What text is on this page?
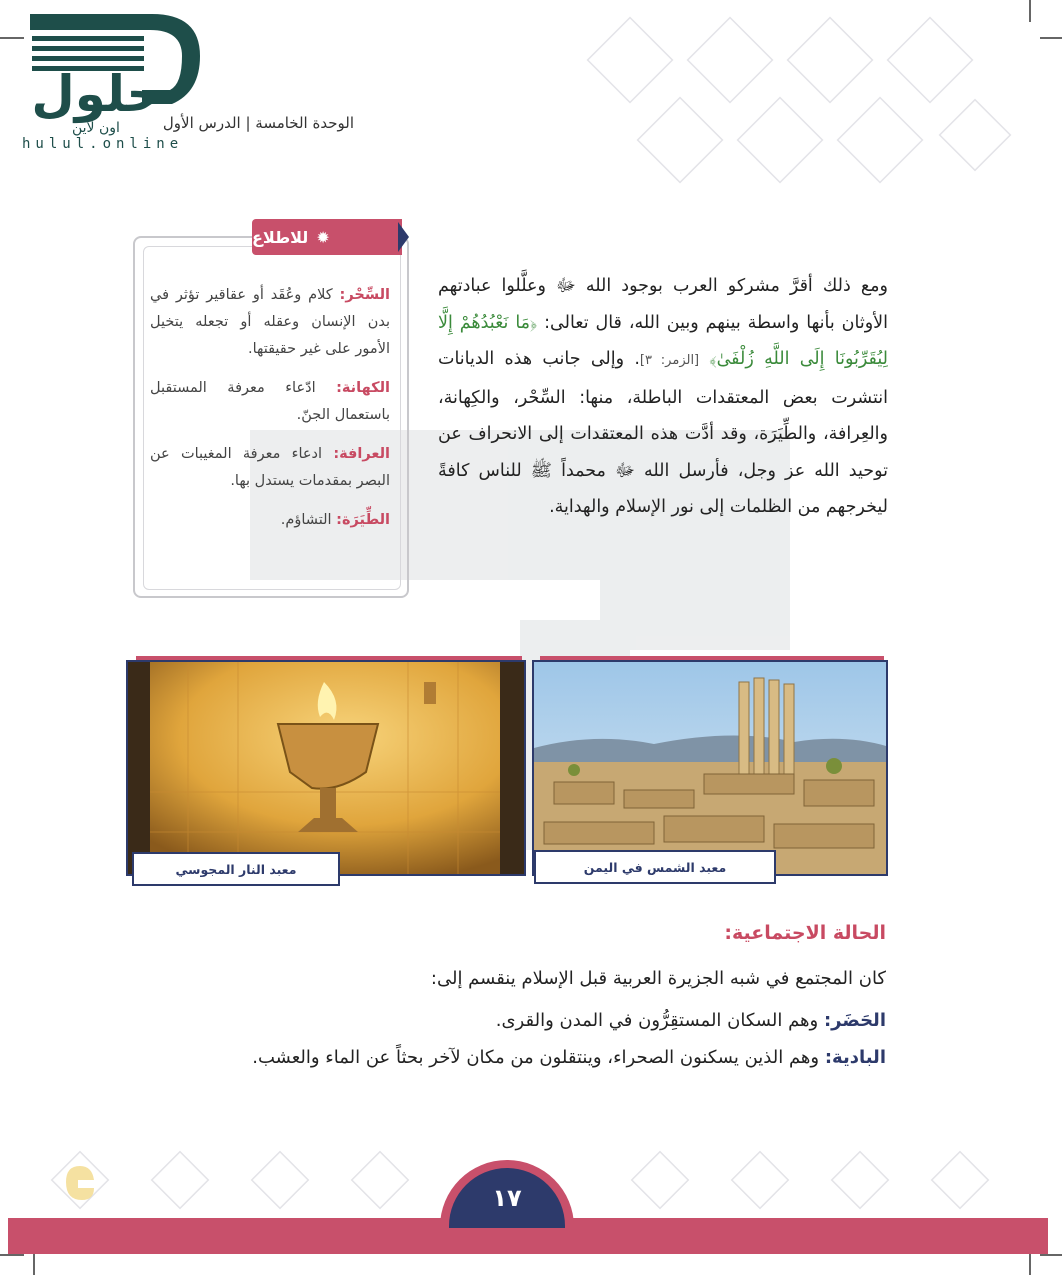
حلول
اون لاين
hulul.online
الوحدة الخامسة | الدرس الأول
✹
للاطلاع

السِّحْر: كلام وعُقَد أو عقاقير تؤثر في بدن الإنسان وعقله أو تجعله يتخيل الأمور على غير حقيقتها.

الكهانة: ادّعاء معرفة المستقبل باستعمال الجنّ.

العرافة: ادعاء معرفة المغيبات عن البصر بمقدمات يستدل بها.

الطِّيَرَة: التشاؤم.

ومع ذلك أقرَّ مشركو العرب بوجود الله ﷻ وعلَّلوا عبادتهم الأوثان بأنها واسطة بينهم وبين الله، قال تعالى: ﴿مَا نَعْبُدُهُمْ إِلَّا لِيُقَرِّبُونَا إِلَى اللَّهِ زُلْفَىٰ﴾ [الزمر: ٣]. وإلى جانب هذه الديانات انتشرت بعض المعتقدات الباطلة، منها: السِّحْر، والكِهانة، والعِرافة، والطِّيَرَة، وقد أدَّت هذه المعتقدات إلى الانحراف عن توحيد الله عز وجل، فأرسل الله ﷻ محمداً ﷺ للناس كافةً ليخرجهم من الظلمات إلى نور الإسلام والهداية.
معبد النار المجوسي	معبد الشمس في اليمن
الحالة الاجتماعية:
كان المجتمع في شبه الجزيرة العربية قبل الإسلام ينقسم إلى:
الحَضَر: وهم السكان المستقِرُّون في المدن والقرى.
البادية: وهم الذين يسكنون الصحراء، وينتقلون من مكان لآخر بحثاً عن الماء والعشب.
١٧
